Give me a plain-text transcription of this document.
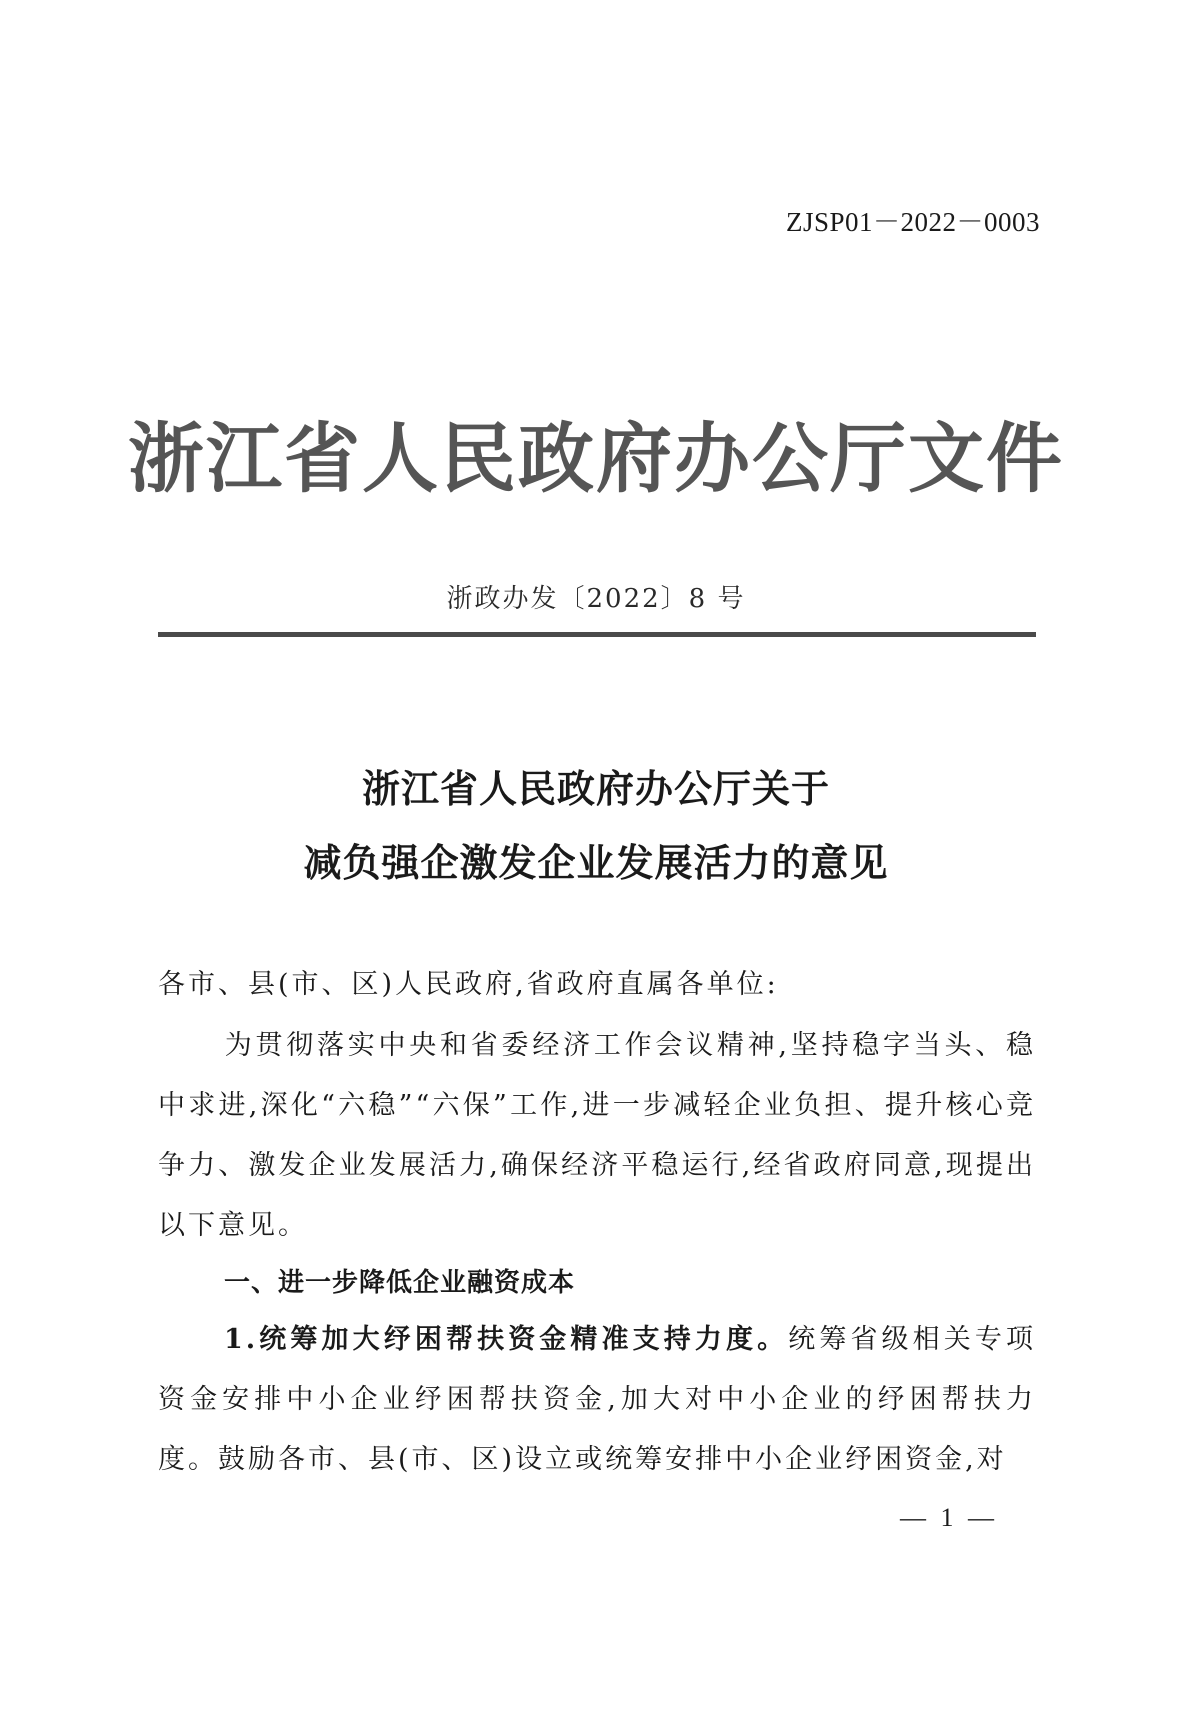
ZJSP01－2022－0003
浙江省人民政府办公厅文件
浙政办发〔2022〕8 号
浙江省人民政府办公厅关于
减负强企激发企业发展活力的意见
各市、县(市、区)人民政府,省政府直属各单位:
为贯彻落实中央和省委经济工作会议精神,坚持稳字当头、稳中求进,深化“六稳”“六保”工作,进一步减轻企业负担、提升核心竞争力、激发企业发展活力,确保经济平稳运行,经省政府同意,现提出以下意见。
一、进一步降低企业融资成本
1.统筹加大纾困帮扶资金精准支持力度。统筹省级相关专项资金安排中小企业纾困帮扶资金,加大对中小企业的纾困帮扶力度。鼓励各市、县(市、区)设立或统筹安排中小企业纾困资金,对
— 1 —
